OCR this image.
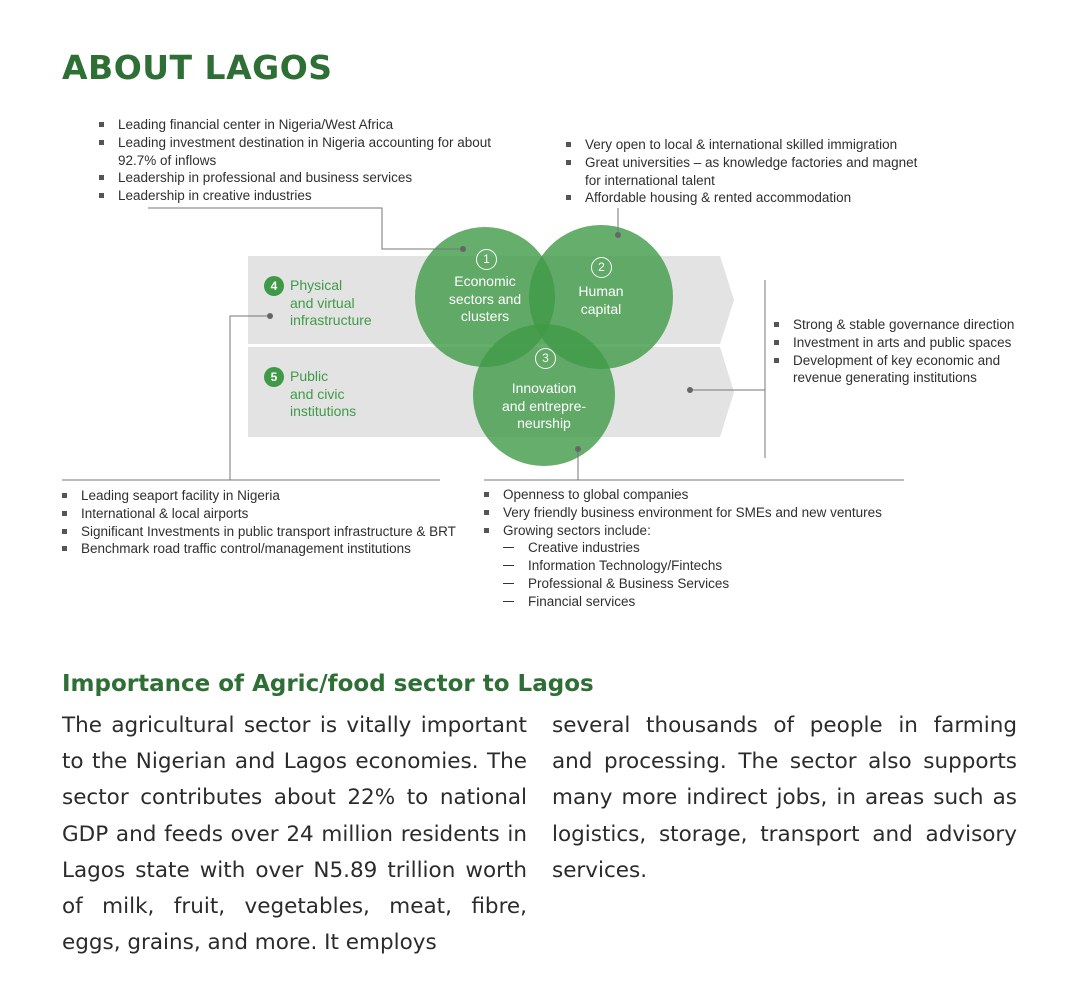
ABOUT LAGOS
Leading financial center in Nigeria/West Africa
Leading investment destination in Nigeria accounting for about 92.7% of inflows
Leadership in professional and business services
Leadership in creative industries
Very open to local & international skilled immigration
Great universities – as knowledge factories and magnet for international talent
Affordable housing & rented accommodation
1
Economic
sectors and
clusters
2
Human
capital
3
Innovation
and entrepre-
neurship
4 Physical
and virtual
infrastructure
5 Public
and civic
institutions
Strong & stable governance direction
Investment in arts and public spaces
Development of key economic and revenue generating institutions
Leading seaport facility in Nigeria
International & local airports
Significant Investments in public transport infrastructure & BRT
Benchmark road traffic control/management institutions
Openness to global companies
Very friendly business environment for SMEs and new ventures
Growing sectors include:
Creative industries
Information Technology/Fintechs
Professional & Business Services
Financial services
Importance of Agric/food sector to Lagos

The agricultural sector is vitally important to the Nigerian and Lagos economies. The sector contributes about 22% to national GDP and feeds over 24 million residents in Lagos state with over N5.89 trillion worth of milk, fruit, vegetables, meat, fibre, eggs, grains, and more. It employs

several thousands of people in farming and processing. The sector also supports many more indirect jobs, in areas such as logistics, storage, transport and advisory services.
